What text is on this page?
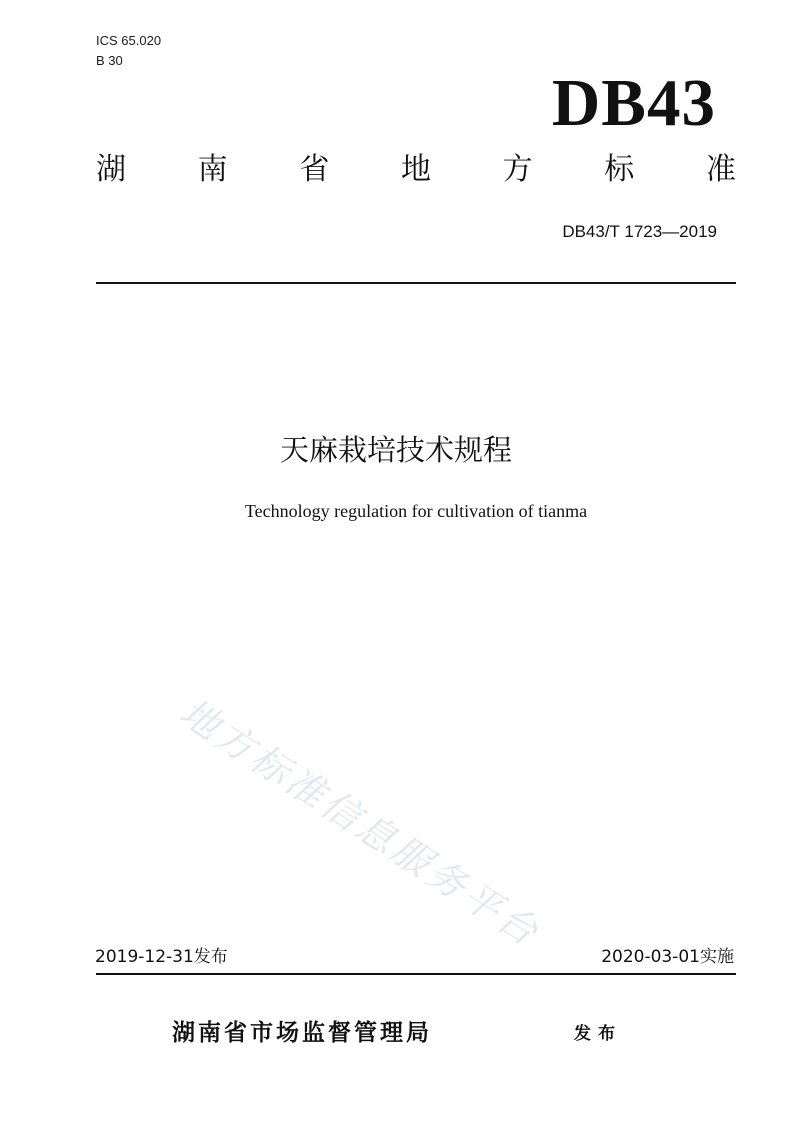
ICS 65.020
B 30
DB43
湖 南 省 地 方 标 准
DB43/T 1723—2019
天麻栽培技术规程
Technology regulation for cultivation of tianma
地方标准信息服务平台
2019-12-31发布	2020-03-01实施
湖南省市场监督管理局	发布
